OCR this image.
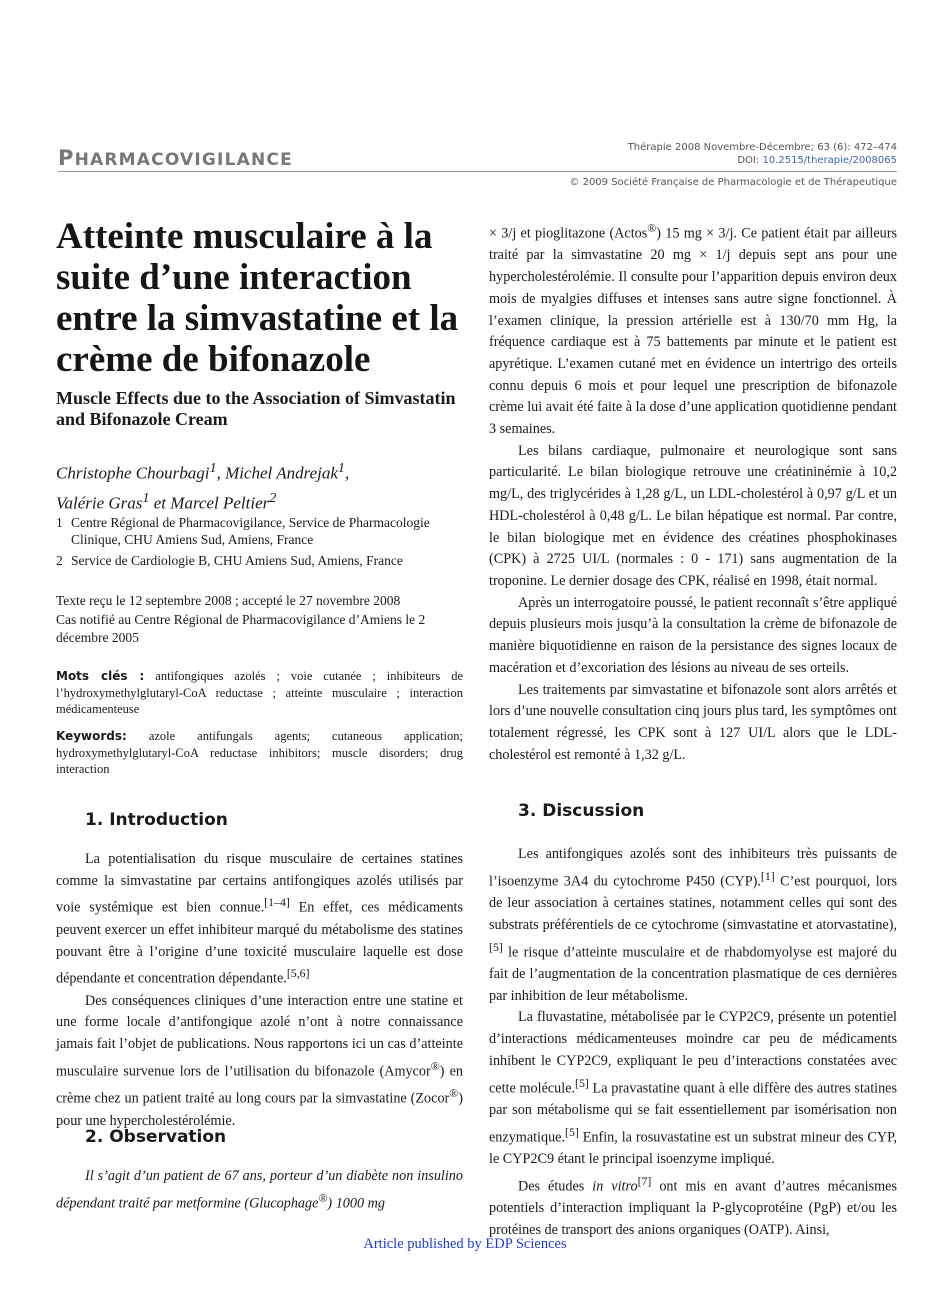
PHARMACOVIGILANCE
Thérapie 2008 Novembre-Décembre; 63 (6): 472–474
DOI: 10.2515/therapie/2008065
© 2009 Société Française de Pharmacologie et de Thérapeutique
Atteinte musculaire à la suite d’une interaction entre la simvastatine et la crème de bifonazole
Muscle Effects due to the Association of Simvastatin and Bifonazole Cream
Christophe Chourbagi$^1$, Michel Andrejak$^1$,
Valérie Gras$^1$ et Marcel Peltier$^2$
1 Centre Régional de Pharmacovigilance, Service de Pharmacologie Clinique, CHU Amiens Sud, Amiens, France
2 Service de Cardiologie B, CHU Amiens Sud, Amiens, France
Texte reçu le 12 septembre 2008 ; accepté le 27 novembre 2008
Cas notifié au Centre Régional de Pharmacovigilance d’Amiens le 2 décembre 2005
Mots clés : antifongiques azolés ; voie cutanée ; inhibiteurs de l’hydroxymethylglutaryl-CoA reductase ; atteinte musculaire ; interaction médicamenteuse
Keywords: azole antifungals agents; cutaneous application; hydroxymethylglutaryl-CoA reductase inhibitors; muscle disorders; drug interaction
1. Introduction

La potentialisation du risque musculaire de certaines statines comme la simvastatine par certains antifongiques azolés utilisés par voie systémique est bien connue.[1–4] En effet, ces médicaments peuvent exercer un effet inhibiteur marqué du métabolisme des statines pouvant être à l’origine d’une toxicité musculaire laquelle est dose dépendante et concentration dépendante.[5,6]

Des conséquences cliniques d’une interaction entre une statine et une forme locale d’antifongique azolé n’ont à notre connaissance jamais fait l’objet de publications. Nous rapportons ici un cas d’atteinte musculaire survenue lors de l’utilisation du bifonazole (Amycor®) en crème chez un patient traité au long cours par la simvastatine (Zocor®) pour une hypercholestérolémie.

2. Observation

Il s’agit d’un patient de 67 ans, porteur d’un diabète non insulino dépendant traité par metformine (Glucophage®) 1000 mg

× 3/j et pioglitazone (Actos®) 15 mg × 3/j. Ce patient était par ailleurs traité par la simvastatine 20 mg × 1/j depuis sept ans pour une hypercholestérolémie. Il consulte pour l’apparition depuis environ deux mois de myalgies diffuses et intenses sans autre signe fonctionnel. À l’examen clinique, la pression artérielle est à 130/70 mm Hg, la fréquence cardiaque est à 75 battements par minute et le patient est apyrétique. L’examen cutané met en évidence un intertrigo des orteils connu depuis 6 mois et pour lequel une prescription de bifonazole crème lui avait été faite à la dose d’une application quotidienne pendant 3 semaines.

Les bilans cardiaque, pulmonaire et neurologique sont sans particularité. Le bilan biologique retrouve une créatininémie à 10,2 mg/L, des triglycérides à 1,28 g/L, un LDL-cholestérol à 0,97 g/L et un HDL-cholestérol à 0,48 g/L. Le bilan hépatique est normal. Par contre, le bilan biologique met en évidence des créatines phosphokinases (CPK) à 2725 UI/L (normales : 0 - 171) sans augmentation de la troponine. Le dernier dosage des CPK, réalisé en 1998, était normal.

Après un interrogatoire poussé, le patient reconnaît s’être appliqué depuis plusieurs mois jusqu’à la consultation la crème de bifonazole de manière biquotidienne en raison de la persistance des signes locaux de macération et d’excoriation des lésions au niveau de ses orteils.

Les traitements par simvastatine et bifonazole sont alors arrêtés et lors d’une nouvelle consultation cinq jours plus tard, les symptômes ont totalement régressé, les CPK sont à 127 UI/L alors que le LDL-cholestérol est remonté à 1,32 g/L.

3. Discussion

Les antifongiques azolés sont des inhibiteurs très puissants de l’isoenzyme 3A4 du cytochrome P450 (CYP).[1] C’est pourquoi, lors de leur association à certaines statines, notamment celles qui sont des substrats préférentiels de ce cytochrome (simvastatine et atorvastatine),[5] le risque d’atteinte musculaire et de rhabdomyolyse est majoré du fait de l’augmentation de la concentration plasmatique de ces dernières par inhibition de leur métabolisme.

La fluvastatine, métabolisée par le CYP2C9, présente un potentiel d’interactions médicamenteuses moindre car peu de médicaments inhibent le CYP2C9, expliquant le peu d’interactions constatées avec cette molécule.[5] La pravastatine quant à elle diffère des autres statines par son métabolisme qui se fait essentiellement par isomérisation non enzymatique.[5] Enfin, la rosuvastatine est un substrat mineur des CYP, le CYP2C9 étant le principal isoenzyme impliqué.

Des études in vitro[7] ont mis en avant d’autres mécanismes potentiels d’interaction impliquant la P-glycoprotéine (PgP) et/ou les protéines de transport des anions organiques (OATP). Ainsi,

Article published by EDP Sciences
